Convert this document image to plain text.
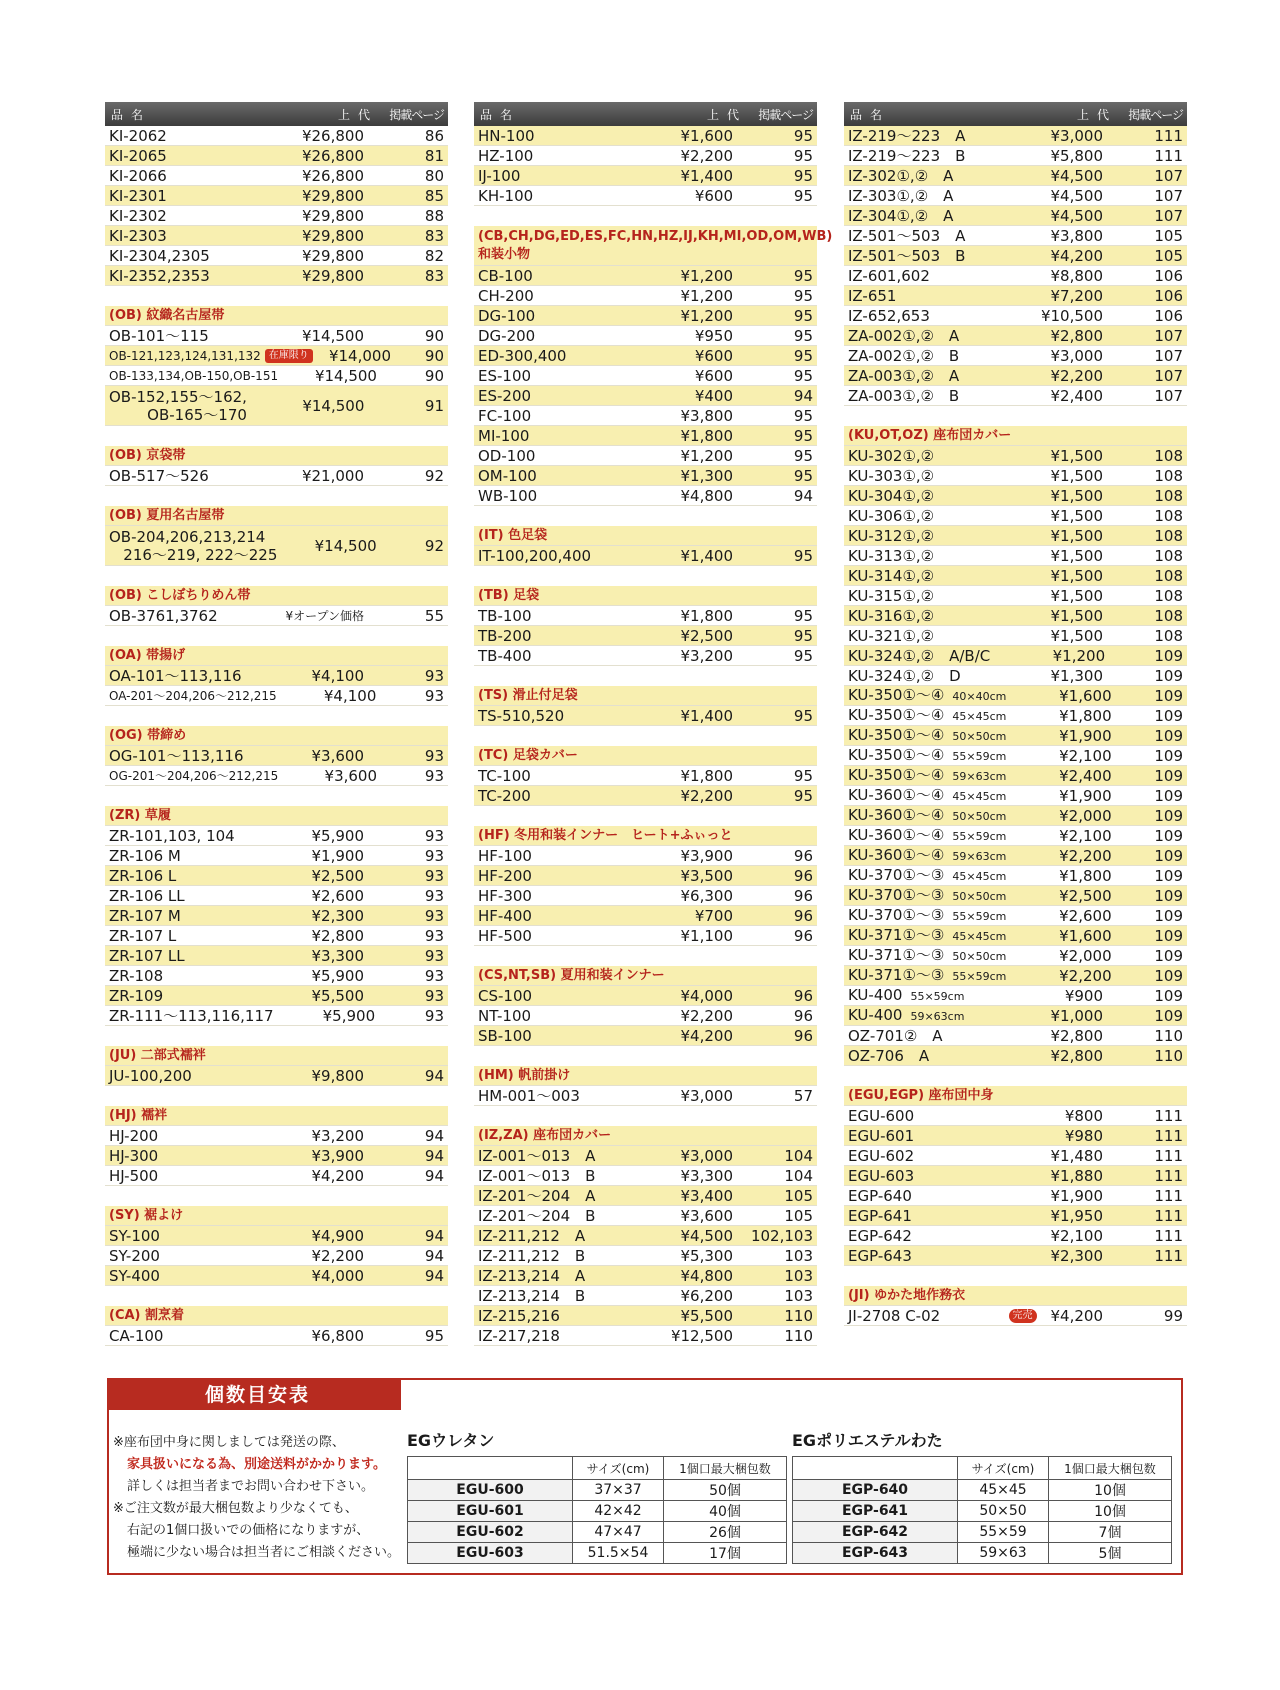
品名	上代 掲載ページ
KI-2062	¥26,800	86
KI-2065	¥26,800	81
KI-2066	¥26,800	80
KI-2301	¥29,800	85
KI-2302	¥29,800	88
KI-2303	¥29,800	83
KI-2304,2305	¥29,800	82
KI-2352,2353	¥29,800	83
(OB) 紋織名古屋帯
OB-101～115	¥14,500	90
OB-121,123,124,131,132 在庫限り	¥14,000	90
OB-133,134,OB-150,OB-151	¥14,500	90
OB-152,155～162,
OB-165～170	¥14,500	91
(OB) 京袋帯
OB-517～526	¥21,000	92
(OB) 夏用名古屋帯
OB-204,206,213,214
216～219, 222～225	¥14,500	92
(OB) こしぼちりめん帯
OB-3761,3762	¥オープン価格	55
(OA) 帯揚げ
OA-101～113,116	¥4,100	93
OA-201～204,206～212,215	¥4,100	93
(OG) 帯締め
OG-101～113,116	¥3,600	93
OG-201～204,206～212,215	¥3,600	93
(ZR) 草履
ZR-101,103, 104	¥5,900	93
ZR-106 M	¥1,900	93
ZR-106 L	¥2,500	93
ZR-106 LL	¥2,600	93
ZR-107 M	¥2,300	93
ZR-107 L	¥2,800	93
ZR-107 LL	¥3,300	93
ZR-108	¥5,900	93
ZR-109	¥5,500	93
ZR-111～113,116,117	¥5,900	93
(JU) 二部式襦袢
JU-100,200	¥9,800	94
(HJ) 襦袢
HJ-200	¥3,200	94
HJ-300	¥3,900	94
HJ-500	¥4,200	94
(SY) 裾よけ
SY-100	¥4,900	94
SY-200	¥2,200	94
SY-400	¥4,000	94
(CA) 割烹着
CA-100	¥6,800	95
品名	上代 掲載ページ
HN-100	¥1,600	95
HZ-100	¥2,200	95
IJ-100	¥1,400	95
KH-100	¥600	95
(CB,CH,DG,ED,ES,FC,HN,HZ,IJ,KH,MI,OD,OM,WB)
和装小物
CB-100	¥1,200	95
CH-200	¥1,200	95
DG-100	¥1,200	95
DG-200	¥950	95
ED-300,400	¥600	95
ES-100	¥600	95
ES-200	¥400	94
FC-100	¥3,800	95
MI-100	¥1,800	95
OD-100	¥1,200	95
OM-100	¥1,300	95
WB-100	¥4,800	94
(IT) 色足袋
IT-100,200,400	¥1,400	95
(TB) 足袋
TB-100	¥1,800	95
TB-200	¥2,500	95
TB-400	¥3,200	95
(TS) 滑止付足袋
TS-510,520	¥1,400	95
(TC) 足袋カバー
TC-100	¥1,800	95
TC-200	¥2,200	95
(HF) 冬用和装インナー　ヒート+ふぃっと
HF-100	¥3,900	96
HF-200	¥3,500	96
HF-300	¥6,300	96
HF-400	¥700	96
HF-500	¥1,100	96
(CS,NT,SB) 夏用和装インナー
CS-100	¥4,000	96
NT-100	¥2,200	96
SB-100	¥4,200	96
(HM) 帆前掛け
HM-001～003	¥3,000	57
(IZ,ZA) 座布団カバー
IZ-001～013　A	¥3,000	104
IZ-001～013　B	¥3,300	104
IZ-201～204　A	¥3,400	105
IZ-201～204　B	¥3,600	105
IZ-211,212　A	¥4,500	102,103
IZ-211,212　B	¥5,300	103
IZ-213,214　A	¥4,800	103
IZ-213,214　B	¥6,200	103
IZ-215,216	¥5,500	110
IZ-217,218	¥12,500	110
品名	上代 掲載ページ
IZ-219～223　A	¥3,000	111
IZ-219～223　B	¥5,800	111
IZ-302①,②　A	¥4,500	107
IZ-303①,②　A	¥4,500	107
IZ-304①,②　A	¥4,500	107
IZ-501～503　A	¥3,800	105
IZ-501～503　B	¥4,200	105
IZ-601,602	¥8,800	106
IZ-651	¥7,200	106
IZ-652,653	¥10,500	106
ZA-002①,②　A	¥2,800	107
ZA-002①,②　B	¥3,000	107
ZA-003①,②　A	¥2,200	107
ZA-003①,②　B	¥2,400	107
(KU,OT,OZ) 座布団カバー
KU-302①,②	¥1,500	108
KU-303①,②	¥1,500	108
KU-304①,②	¥1,500	108
KU-306①,②	¥1,500	108
KU-312①,②	¥1,500	108
KU-313①,②	¥1,500	108
KU-314①,②	¥1,500	108
KU-315①,②	¥1,500	108
KU-316①,②	¥1,500	108
KU-321①,②	¥1,500	108
KU-324①,②　A/B/C	¥1,200	109
KU-324①,②　D	¥1,300	109
KU-350①～④ 40×40cm	¥1,600	109
KU-350①～④ 45×45cm	¥1,800	109
KU-350①～④ 50×50cm	¥1,900	109
KU-350①～④ 55×59cm	¥2,100	109
KU-350①～④ 59×63cm	¥2,400	109
KU-360①～④ 45×45cm	¥1,900	109
KU-360①～④ 50×50cm	¥2,000	109
KU-360①～④ 55×59cm	¥2,100	109
KU-360①～④ 59×63cm	¥2,200	109
KU-370①～③ 45×45cm	¥1,800	109
KU-370①～③ 50×50cm	¥2,500	109
KU-370①～③ 55×59cm	¥2,600	109
KU-371①～③ 45×45cm	¥1,600	109
KU-371①～③ 50×50cm	¥2,000	109
KU-371①～③ 55×59cm	¥2,200	109
KU-400 55×59cm	¥900	109
KU-400 59×63cm	¥1,000	109
OZ-701②　A	¥2,800	110
OZ-706　A	¥2,800	110
(EGU,EGP) 座布団中身
EGU-600	¥800	111
EGU-601	¥980	111
EGU-602	¥1,480	111
EGU-603	¥1,880	111
EGP-640	¥1,900	111
EGP-641	¥1,950	111
EGP-642	¥2,100	111
EGP-643	¥2,300	111
(JI) ゆかた地作務衣
JI-2708 C-02	完売 ¥4,200	99
個数目安表
※座布団中身に関しましては発送の際、
家具扱いになる為、別途送料がかかります。
詳しくは担当者までお問い合わせ下さい。
※ご注文数が最大梱包数より少なくても、
右記の1個口扱いでの価格になりますが、
極端に少ない場合は担当者にご相談ください。
EGウレタン
	サイズ(cm)	1個口最大梱包数
EGU-600	37×37	50個
EGU-601	42×42	40個
EGU-602	47×47	26個
EGU-603	51.5×54	17個
EGポリエステルわた
	サイズ(cm)	1個口最大梱包数
EGP-640	45×45	10個
EGP-641	50×50	10個
EGP-642	55×59	7個
EGP-643	59×63	5個
